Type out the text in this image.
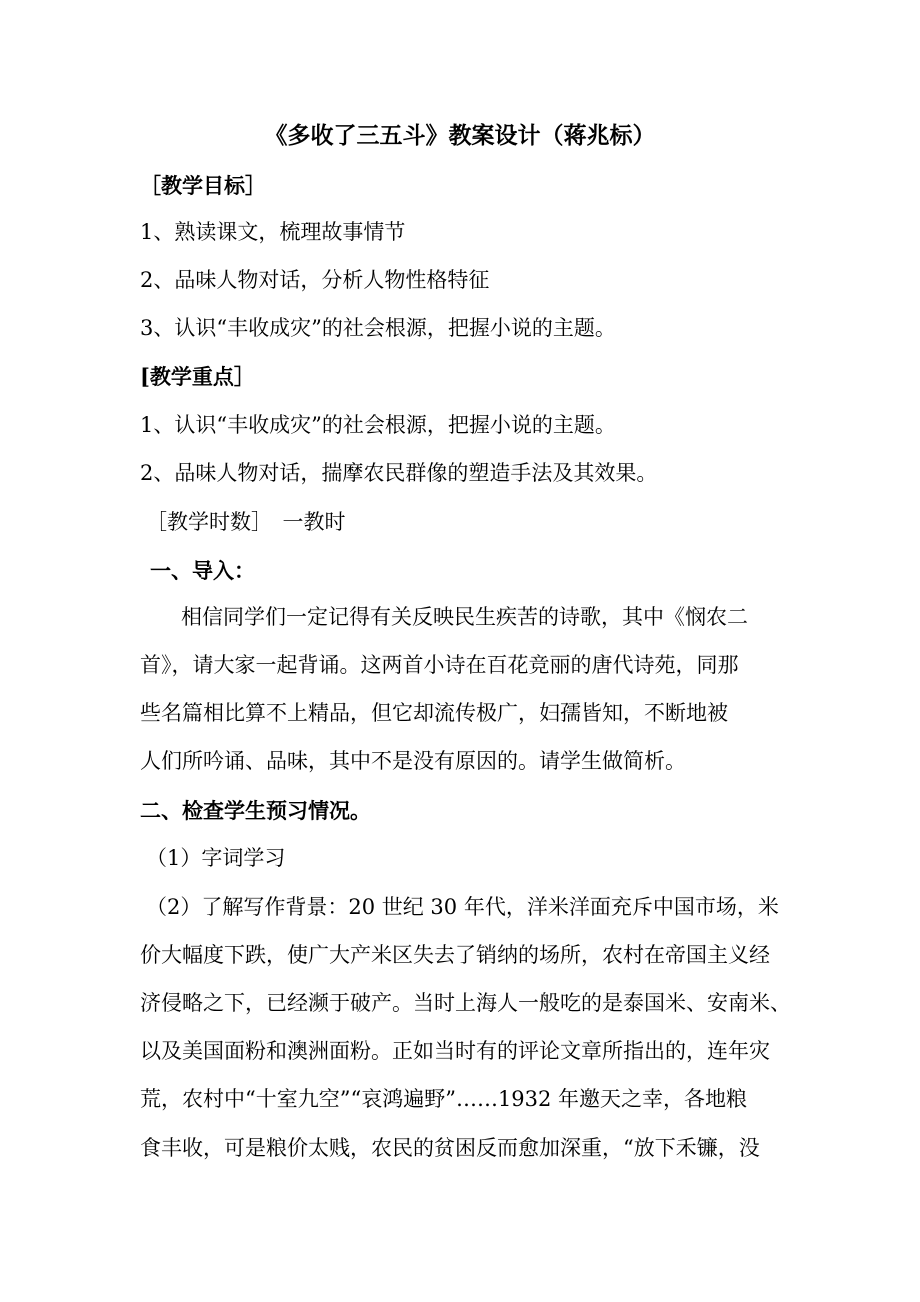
《多收了三五斗》教案设计（蒋兆标）

［教学目标］

1、熟读课文，梳理故事情节

2、品味人物对话，分析人物性格特征

3、认识“丰收成灾”的社会根源，把握小说的主题。

[教学重点］

1、认识“丰收成灾”的社会根源，把握小说的主题。

2、品味人物对话，揣摩农民群像的塑造手法及其效果。

［教学时数］　一教时

一、导入：

相信同学们一定记得有关反映民生疾苦的诗歌，其中《悯农二

首》，请大家一起背诵。这两首小诗在百花竞丽的唐代诗苑，同那

些名篇相比算不上精品，但它却流传极广，妇孺皆知，不断地被

人们所吟诵、品味，其中不是没有原因的。请学生做简析。

二、检查学生预习情况。

（1）字词学习

（2）了解写作背景：20 世纪 30 年代，洋米洋面充斥中国市场，米

价大幅度下跌，使广大产米区失去了销纳的场所，农村在帝国主义经

济侵略之下，已经濒于破产。当时上海人一般吃的是泰国米、安南米、

以及美国面粉和澳洲面粉。正如当时有的评论文章所指出的，连年灾

荒，农村中“十室九空”“哀鸿遍野”……1932 年邀天之幸，各地粮

食丰收，可是粮价太贱，农民的贫困反而愈加深重，“放下禾镰，没
